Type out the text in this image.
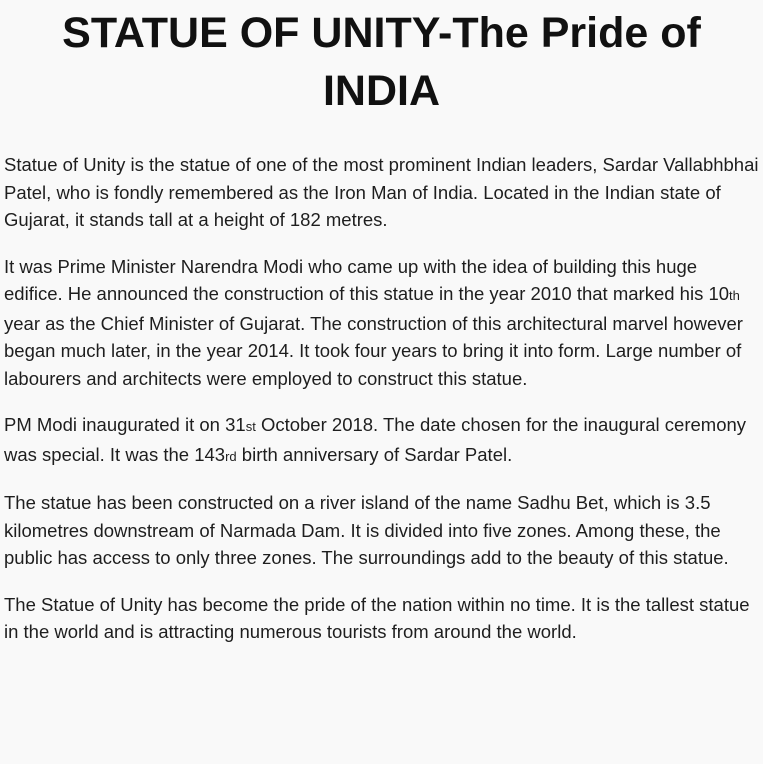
STATUE OF UNITY-The Pride of INDIA

Statue of Unity is the statue of one of the most prominent Indian leaders, Sardar Vallabhbhai Patel, who is fondly remembered as the Iron Man of India. Located in the Indian state of Gujarat, it stands tall at a height of 182 metres.

It was Prime Minister Narendra Modi who came up with the idea of building this huge edifice. He announced the construction of this statue in the year 2010 that marked his 10th year as the Chief Minister of Gujarat. The construction of this architectural marvel however began much later, in the year 2014. It took four years to bring it into form. Large number of labourers and architects were employed to construct this statue.

PM Modi inaugurated it on 31st October 2018. The date chosen for the inaugural ceremony was special. It was the 143rd birth anniversary of Sardar Patel.

The statue has been constructed on a river island of the name Sadhu Bet, which is 3.5 kilometres downstream of Narmada Dam. It is divided into five zones. Among these, the public has access to only three zones. The surroundings add to the beauty of this statue.

The Statue of Unity has become the pride of the nation within no time. It is the tallest statue in the world and is attracting numerous tourists from around the world.
